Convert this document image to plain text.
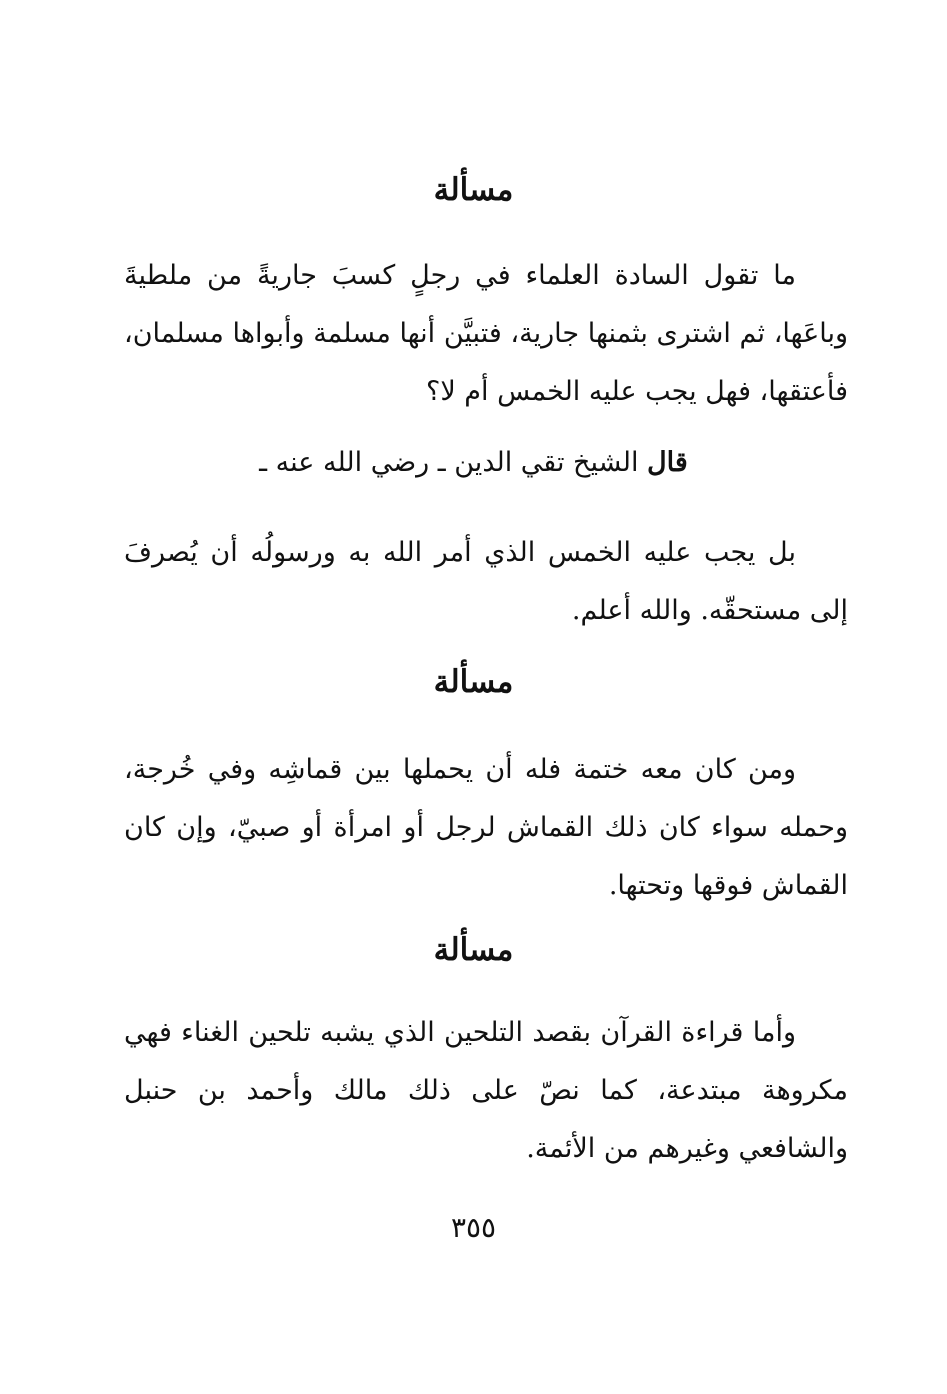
مسألة
ما تقول السادة العلماء في رجلٍ كسبَ جاريةً من ملطيةَ وباعَها، ثم اشترى بثمنها جارية، فتبيَّن أنها مسلمة وأبواها مسلمان، فأعتقها، فهل يجب عليه الخمس أم لا؟
قال الشيخ تقي الدين ـ رضي الله عنه ـ
بل يجب عليه الخمس الذي أمر الله به ورسولُه أن يُصرفَ إلى مستحقّه. والله أعلم.
مسألة
ومن كان معه ختمة فله أن يحملها بين قماشِه وفي خُرجة، وحمله سواء كان ذلك القماش لرجل أو امرأة أو صبيّ، وإن كان القماش فوقها وتحتها.
مسألة
وأما قراءة القرآن بقصد التلحين الذي يشبه تلحين الغناء فهي مكروهة مبتدعة، كما نصّ على ذلك مالك وأحمد بن حنبل والشافعي وغيرهم من الأئمة.
٣٥٥
